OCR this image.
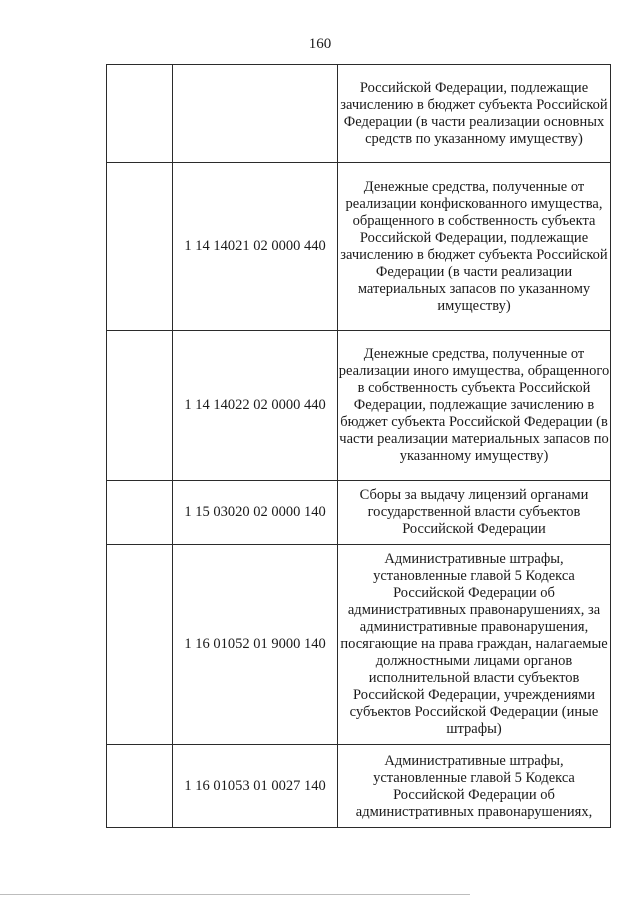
160

		Российской Федерации, подлежащие зачислению в бюджет субъекта Российской Федерации (в части реализации основных средств по указанному имуществу)

	1 14 14021 02 0000 440	Денежные средства, полученные от реализации конфискованного имущества, обращенного в собственность субъекта Российской Федерации, подлежащие зачислению в бюджет субъекта Российской Федерации (в части реализации материальных запасов по указанному имуществу)

	1 14 14022 02 0000 440	Денежные средства, полученные от реализации иного имущества, обращенного в собственность субъекта Российской Федерации, подлежащие зачислению в бюджет субъекта Российской Федерации (в части реализации материальных запасов по указанному имуществу)

	1 15 03020 02 0000 140	Сборы за выдачу лицензий органами государственной власти субъектов Российской Федерации

	1 16 01052 01 9000 140	Административные штрафы, установленные главой 5 Кодекса Российской Федерации об административных правонарушениях, за административные правонарушения, посягающие на права граждан, налагаемые должностными лицами органов исполнительной власти субъектов Российской Федерации, учреждениями субъектов Российской Федерации (иные штрафы)

	1 16 01053 01 0027 140	Административные штрафы, установленные главой 5 Кодекса Российской Федерации об административных правонарушениях,
